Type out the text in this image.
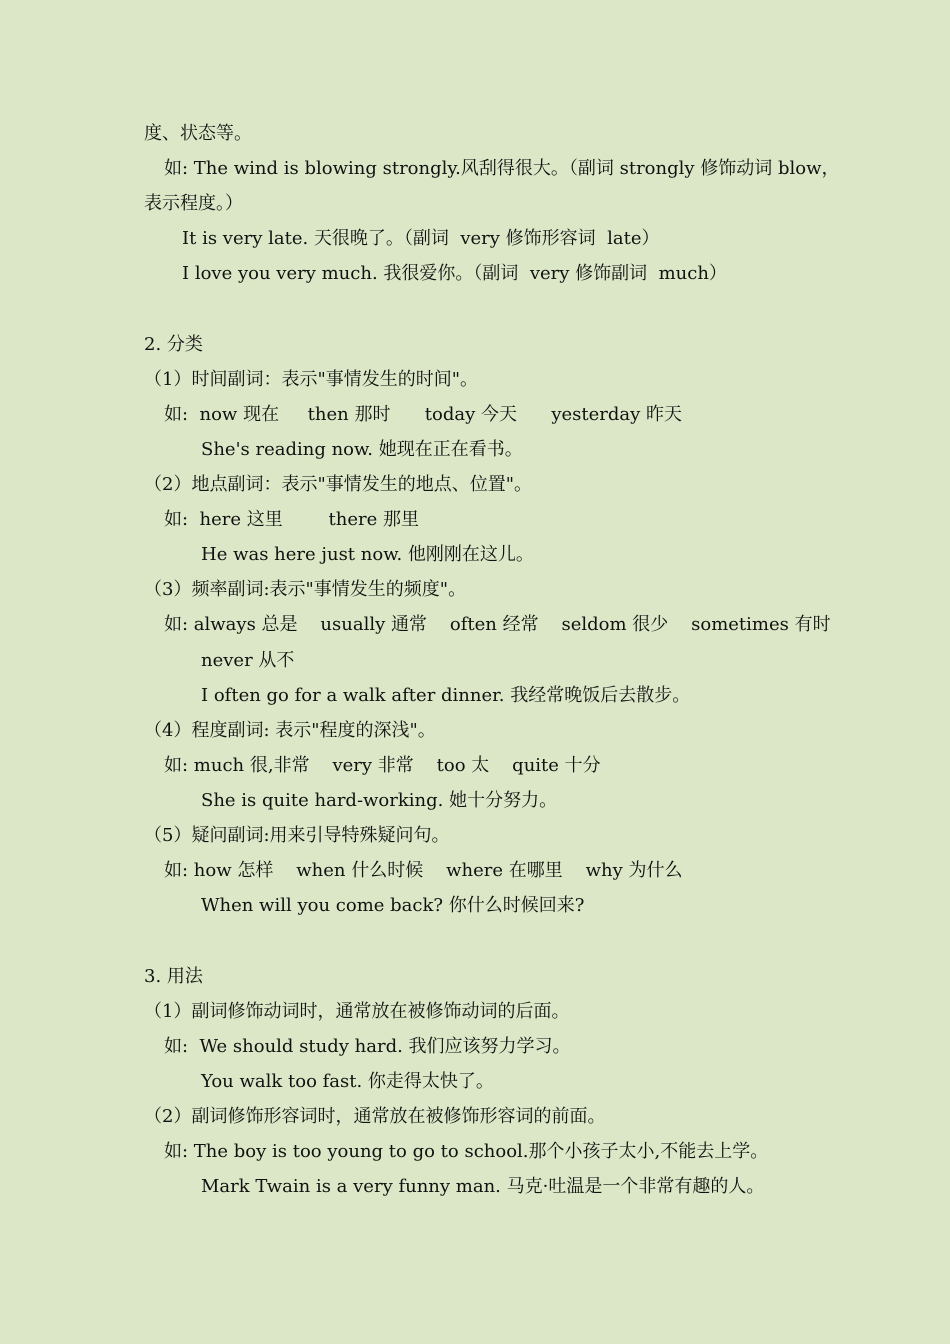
度、状态等。
如: The wind is blowing strongly.风刮得很大。（副词 strongly 修饰动词 blow，
表示程度。）
It is very late. 天很晚了。（副词  very 修饰形容词  late）
I love you very much. 我很爱你。（副词  very 修饰副词  much）
2. 分类
（1）时间副词：表示"事情发生的时间"。
如:  now 现在     then 那时      today 今天      yesterday 昨天
She's reading now. 她现在正在看书。
（2）地点副词：表示"事情发生的地点、位置"。
如:  here 这里        there 那里
He was here just now. 他刚刚在这儿。
（3）频率副词:表示"事情发生的频度"。
如: always 总是    usually 通常    often 经常    seldom 很少    sometimes 有时
never 从不
I often go for a walk after dinner. 我经常晚饭后去散步。
（4）程度副词: 表示"程度的深浅"。
如: much 很,非常    very 非常    too 太    quite 十分
She is quite hard-working. 她十分努力。
（5）疑问副词:用来引导特殊疑问句。
如: how 怎样    when 什么时候    where 在哪里    why 为什么
When will you come back? 你什么时候回来?
3. 用法
（1）副词修饰动词时，通常放在被修饰动词的后面。
如:  We should study hard. 我们应该努力学习。
You walk too fast. 你走得太快了。
（2）副词修饰形容词时，通常放在被修饰形容词的前面。
如: The boy is too young to go to school.那个小孩子太小,不能去上学。
Mark Twain is a very funny man. 马克·吐温是一个非常有趣的人。
